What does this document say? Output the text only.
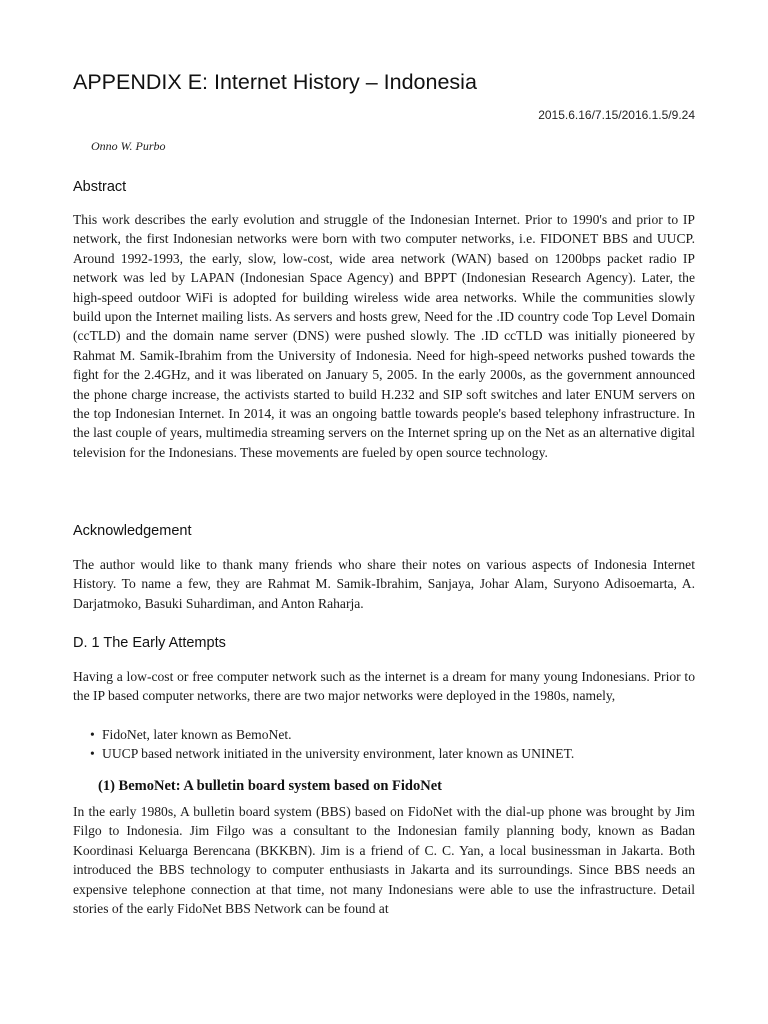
APPENDIX E: Internet History – Indonesia
2015.6.16/7.15/2016.1.5/9.24
Onno W. Purbo
Abstract

This work describes the early evolution and struggle of the Indonesian Internet. Prior to 1990's and prior to IP network, the first Indonesian networks were born with two computer networks, i.e. FIDONET BBS and UUCP. Around 1992-1993, the early, slow, low-cost, wide area network (WAN) based on 1200bps packet radio IP network was led by LAPAN (Indonesian Space Agency) and BPPT (Indonesian Research Agency). Later, the high-speed outdoor WiFi is adopted for building wireless wide area networks. While the communities slowly build upon the Internet mailing lists. As servers and hosts grew, Need for the .ID country code Top Level Domain (ccTLD) and the domain name server (DNS) were pushed slowly. The .ID ccTLD was initially pioneered by Rahmat M. Samik-Ibrahim from the University of Indonesia. Need for high-speed networks pushed towards the fight for the 2.4GHz, and it was liberated on January 5, 2005. In the early 2000s, as the government announced the phone charge increase, the activists started to build H.232 and SIP soft switches and later ENUM servers on the top Indonesian Internet. In 2014, it was an ongoing battle towards people's based telephony infrastructure. In the last couple of years, multimedia streaming servers on the Internet spring up on the Net as an alternative digital television for the Indonesians. These movements are fueled by open source technology.

Acknowledgement

The author would like to thank many friends who share their notes on various aspects of Indonesia Internet History. To name a few, they are Rahmat M. Samik-Ibrahim, Sanjaya, Johar Alam, Suryono Adisoemarta, A. Darjatmoko, Basuki Suhardiman, and Anton Raharja.

D. 1 The Early Attempts

Having a low-cost or free computer network such as the internet is a dream for many young Indonesians. Prior to the IP based computer networks, there are two major networks were deployed in the 1980s, namely,

• FidoNet, later known as BemoNet.
• UUCP based network initiated in the university environment, later known as UNINET.
(1) BemoNet: A bulletin board system based on FidoNet

In the early 1980s, A bulletin board system (BBS) based on FidoNet with the dial-up phone was brought by Jim Filgo to Indonesia. Jim Filgo was a consultant to the Indonesian family planning body, known as Badan Koordinasi Keluarga Berencana (BKKBN). Jim is a friend of C. C. Yan, a local businessman in Jakarta. Both introduced the BBS technology to computer enthusiasts in Jakarta and its surroundings. Since BBS needs an expensive telephone connection at that time, not many Indonesians were able to use the infrastructure. Detail stories of the early FidoNet BBS Network can be found at
